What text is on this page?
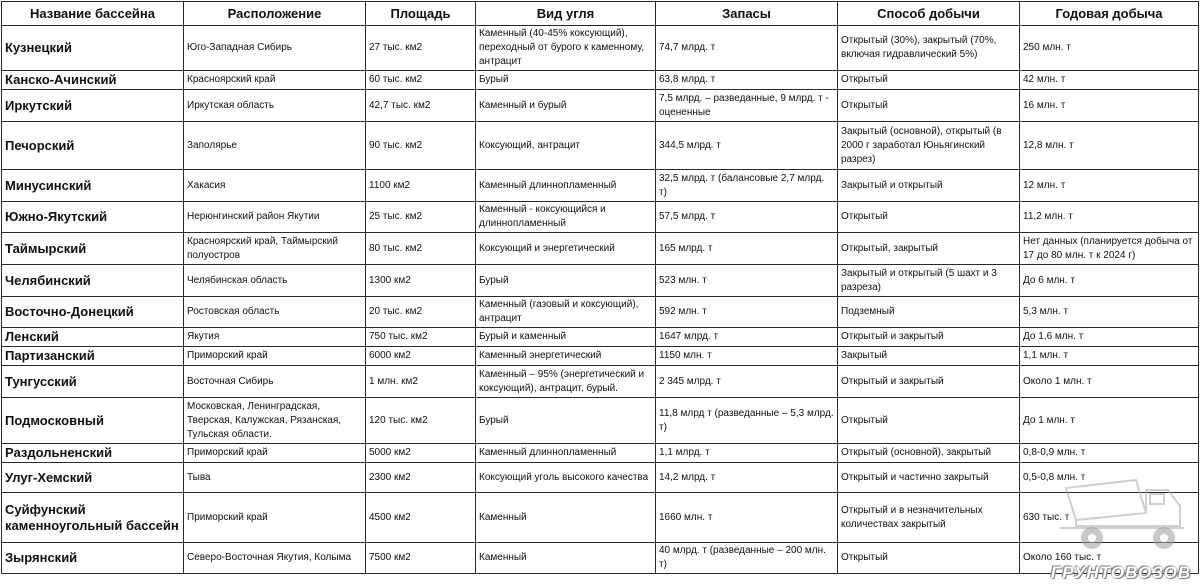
Название бассейна	Расположение	Площадь	Вид угля	Запасы	Способ добычи	Годовая добыча
Кузнецкий	Юго-Западная Сибирь	27 тыс. км2	Каменный (40-45% коксующий), переходный от бурого к каменному, антрацит	74,7 млрд. т	Открытый (30%), закрытый (70%, включая гидравлический 5%)	250 млн. т
Канско-Ачинский	Красноярский край	60 тыс. км2	Бурый	63,8 млрд. т	Открытый	42 млн. т
Иркутский	Иркутская область	42,7 тыс. км2	Каменный и бурый	7,5 млрд. – разведанные, 9 млрд. т - оцененные	Открытый	16 млн. т
Печорский	Заполярье	90 тыс. км2	Коксующий, антрацит	344,5 млрд. т	Закрытый (основной), открытый (в 2000 г заработал Юньягинский разрез)	12,8 млн. т
Минусинский	Хакасия	1100 км2	Каменный длиннопламенный	32,5 млрд. т (балансовые 2,7 млрд. т)	Закрытый и открытый	12 млн. т
Южно-Якутский	Нерюнгинский район Якутии	25 тыс. км2	Каменный - коксующийся и длиннопламенный	57,5 млрд. т	Открытый	11,2 млн. т
Таймырский	Красноярский край, Таймырский полуостров	80 тыс. км2	Коксующий и энергетический	165 млрд. т	Открытый, закрытый	Нет данных (планируется добыча от 17 до 80 млн. т к 2024 г)
Челябинский	Челябинская область	1300 км2	Бурый	523 млн. т	Закрытый и открытый (5 шахт и 3 разреза)	До 6 млн. т
Восточно-Донецкий	Ростовская область	20 тыс. км2	Каменный (газовый и коксующий), антрацит	592 млн. т	Подземный	5,3 млн. т
Ленский	Якутия	750 тыс. км2	Бурый и каменный	1647 млрд. т	Открытый и закрытый	До 1,6 млн. т
Партизанский	Приморский край	6000 км2	Каменный энергетический	1150 млн. т	Закрытый	1,1 млн. т
Тунгусский	Восточная Сибирь	1 млн. км2	Каменный – 95% (энергетический и коксующий), антрацит, бурый.	2 345 млрд. т	Открытый и закрытый	Около 1 млн. т
Подмосковный	Московская, Ленинградская, Тверская, Калужская, Рязанская, Тульская области.	120 тыс. км2	Бурый	11,8 млрд т (разведанные – 5,3 млрд. т)	Открытый	До 1 млн. т
Раздольненский	Приморский край	5000 км2	Каменный длиннопламенный	1,1 млрд. т	Открытый (основной), закрытый	0,8-0,9 млн. т
Улуг-Хемский	Тыва	2300 км2	Коксующий уголь высокого качества	14,2 млрд. т	Открытый и частично закрытый	0,5-0,8 млн. т
Суйфунский каменноугольный бассейн	Приморский край	4500 км2	Каменный	1660 млн. т	Открытый и в незначительных количествах закрытый	630 тыс. т
Зырянский	Северо-Восточная Якутия, Колыма	7500 км2	Каменный	40 млрд. т (разведанные – 200 млн. т)	Открытый	Около 160 тыс. т
ГРУНТОВОЗОВ
